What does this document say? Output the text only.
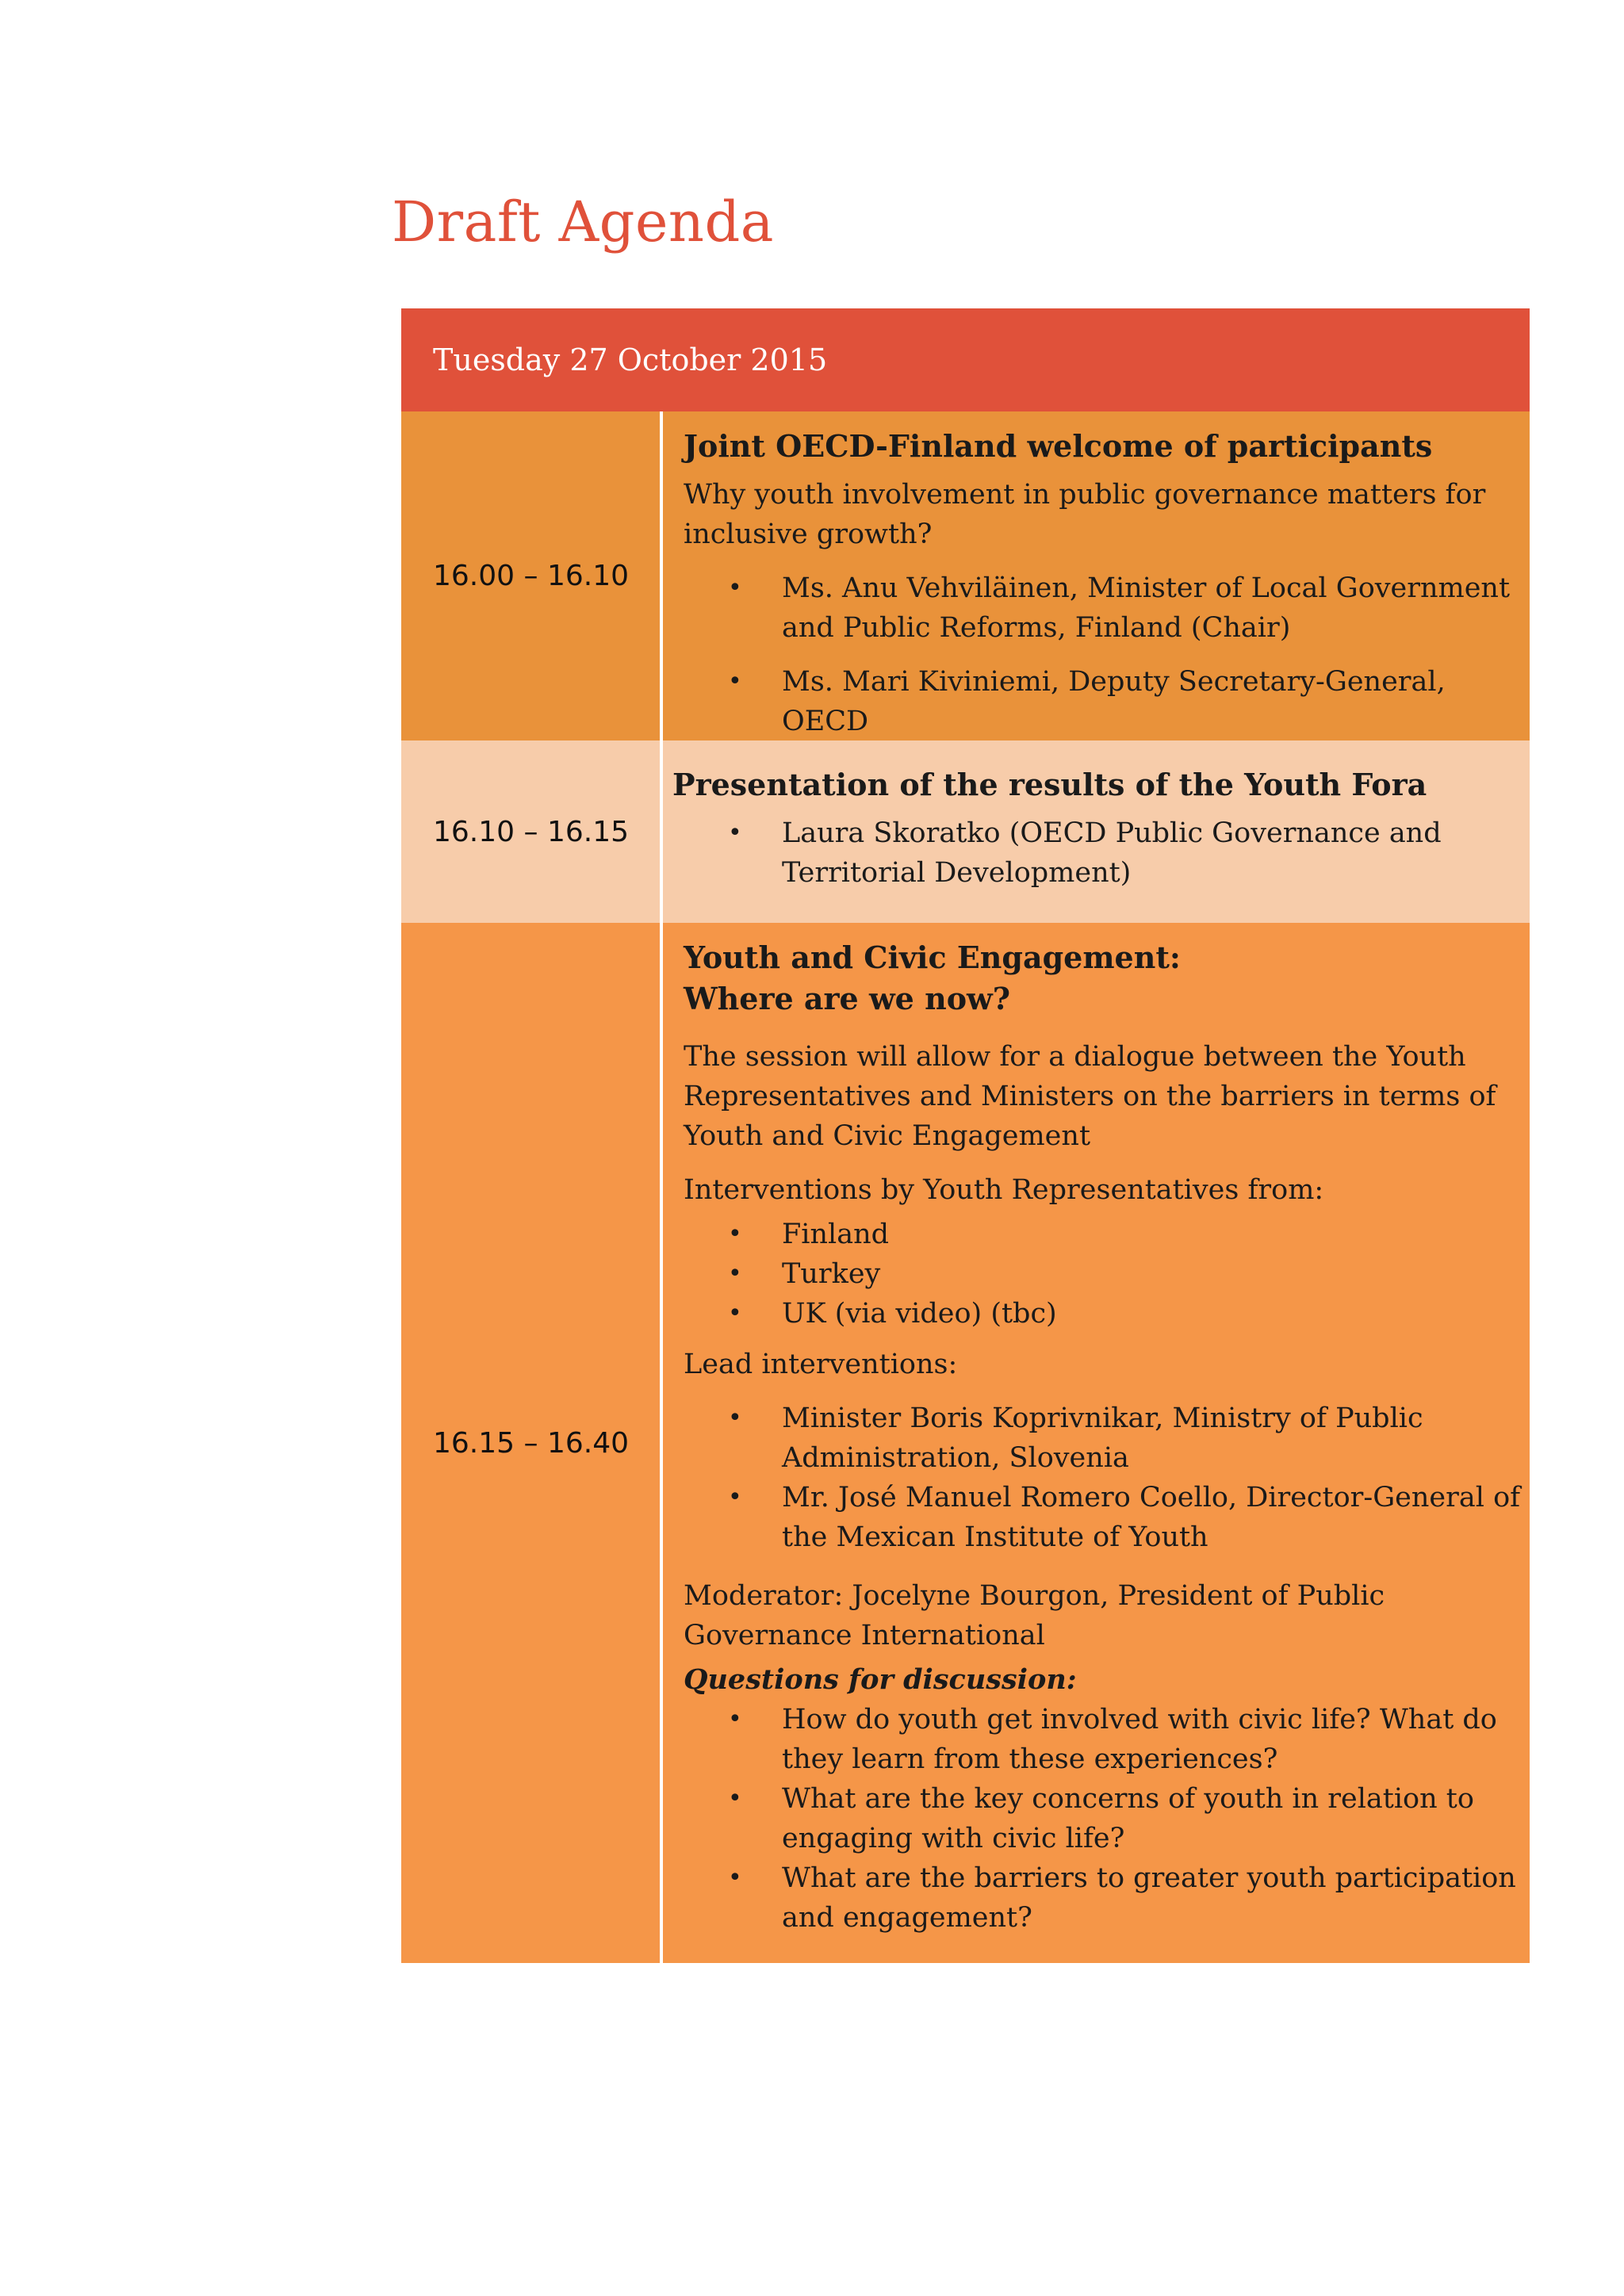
Draft Agenda
Tuesday 27 October 2015
16.00 – 16.10

Joint OECD-Finland welcome of participants

Why youth involvement in public governance matters for inclusive growth?

• Ms. Anu Vehviläinen, Minister of Local Government and Public Reforms, Finland (Chair)
• Ms. Mari Kiviniemi, Deputy Secretary-General, OECD
16.10 – 16.15

Presentation of the results of the Youth Fora

• Laura Skoratko (OECD Public Governance and Territorial Development)
16.15 – 16.40

Youth and Civic Engagement:

Where are we now?

The session will allow for a dialogue between the Youth Representatives and Ministers on the barriers in terms of Youth and Civic Engagement

Interventions by Youth Representatives from:

• Finland
• Turkey
• UK (via video) (tbc)

Lead interventions:

• Minister Boris Koprivnikar, Ministry of Public Administration, Slovenia
• Mr. José Manuel Romero Coello, Director-General of the Mexican Institute of Youth

Moderator: Jocelyne Bourgon, President of Public Governance International

Questions for discussion:

• How do youth get involved with civic life? What do they learn from these experiences?
• What are the key concerns of youth in relation to engaging with civic life?
• What are the barriers to greater youth participation and engagement?
